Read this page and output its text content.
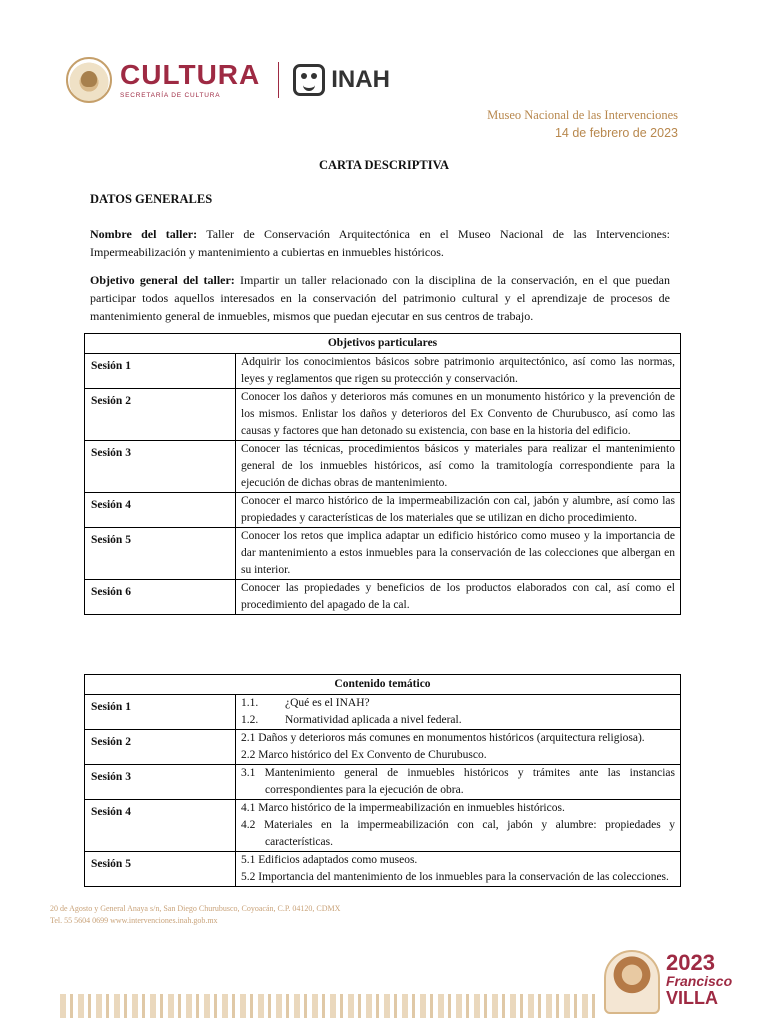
CULTURA
SECRETARÍA DE CULTURA
INAH
Museo Nacional de las Intervenciones
14 de febrero de 2023
CARTA DESCRIPTIVA
DATOS GENERALES
Nombre del taller: Taller de Conservación Arquitectónica en el Museo Nacional de las Intervenciones: Impermeabilización y mantenimiento a cubiertas en inmuebles históricos.
Objetivo general del taller: Impartir un taller relacionado con la disciplina de la conservación, en el que puedan participar todos aquellos interesados en la conservación del patrimonio cultural y el aprendizaje de procesos de mantenimiento general de inmuebles, mismos que puedan ejecutar en sus centros de trabajo.
Objetivos particulares	
Sesión 1	Adquirir los conocimientos básicos sobre patrimonio arquitectónico, así como las normas, leyes y reglamentos que rigen su protección y conservación.
Sesión 2	Conocer los daños y deterioros más comunes en un monumento histórico y la prevención de los mismos. Enlistar los daños y deterioros del Ex Convento de Churubusco, así como las causas y factores que han detonado su existencia, con base en la historia del edificio.
Sesión 3	Conocer las técnicas, procedimientos básicos y materiales para realizar el mantenimiento general de los inmuebles históricos, así como la tramitología correspondiente para la ejecución de dichas obras de mantenimiento.
Sesión 4	Conocer el marco histórico de la impermeabilización con cal, jabón y alumbre, así como las propiedades y características de los materiales que se utilizan en dicho procedimiento.
Sesión 5	Conocer los retos que implica adaptar un edificio histórico como museo y la importancia de dar mantenimiento a estos inmuebles para la conservación de las colecciones que albergan en su interior.
Sesión 6	Conocer las propiedades y beneficios de los productos elaborados con cal, así como el procedimiento del apagado de la cal.
Contenido temático	
Sesión 1	1.1. ¿Qué es el INAH?
1.2. Normatividad aplicada a nivel federal.

Sesión 2	2.1 Daños y deterioros más comunes en monumentos históricos (arquitectura religiosa).
2.2 Marco histórico del Ex Convento de Churubusco.

Sesión 3	3.1 Mantenimiento general de inmuebles históricos y trámites ante las instancias correspondientes para la ejecución de obra.

Sesión 4	4.1 Marco histórico de la impermeabilización en inmuebles históricos.
4.2 Materiales en la impermeabilización con cal, jabón y alumbre: propiedades y características.

Sesión 5	5.1 Edificios adaptados como museos.
5.2 Importancia del mantenimiento de los inmuebles para la conservación de las colecciones.
20 de Agosto y General Anaya s/n, San Diego Churubusco, Coyoacán, C.P. 04120, CDMX
Tel. 55 5604 0699 www.intervenciones.inah.gob.mx
2023
Francisco
VILLA
